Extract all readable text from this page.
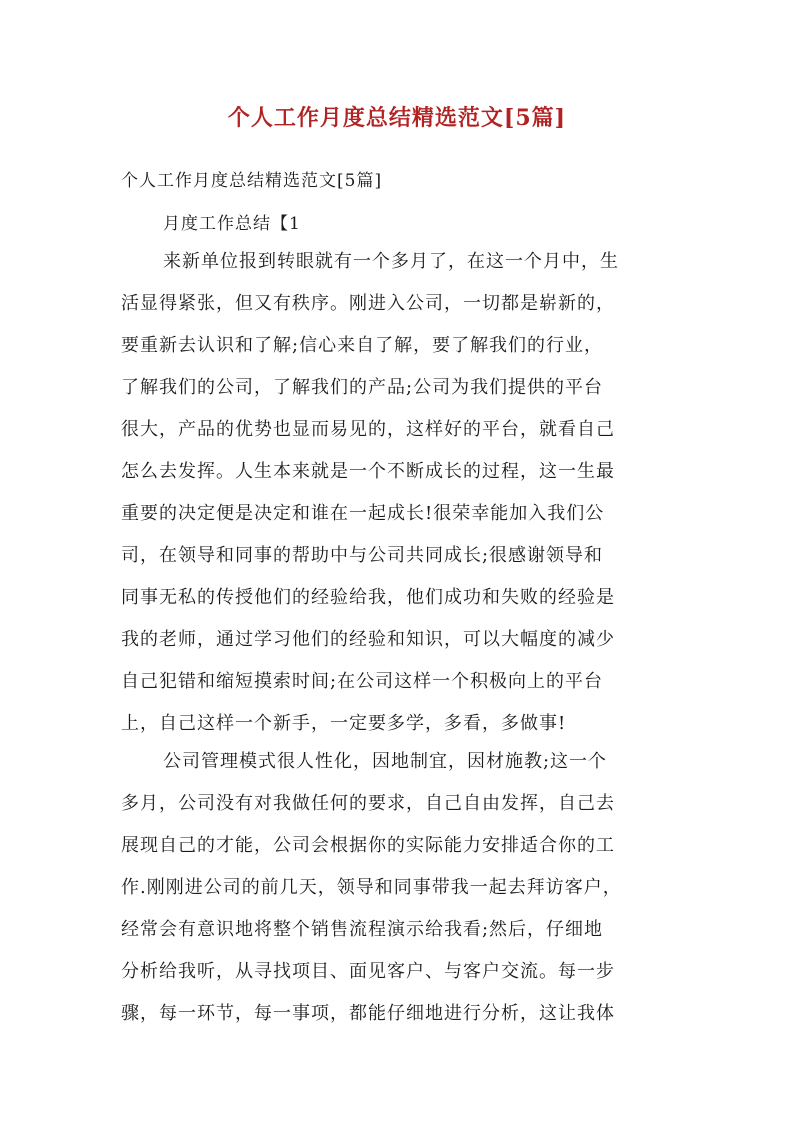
个人工作月度总结精选范文[5篇]

个人工作月度总结精选范文[5篇]

月度工作总结【1

来新单位报到转眼就有一个多月了，在这一个月中，生
活显得紧张，但又有秩序。刚进入公司，一切都是崭新的，
要重新去认识和了解;信心来自了解，要了解我们的行业，
了解我们的公司，了解我们的产品;公司为我们提供的平台
很大，产品的优势也显而易见的，这样好的平台，就看自己
怎么去发挥。人生本来就是一个不断成长的过程，这一生最
重要的决定便是决定和谁在一起成长!很荣幸能加入我们公
司，在领导和同事的帮助中与公司共同成长;很感谢领导和
同事无私的传授他们的经验给我，他们成功和失败的经验是
我的老师，通过学习他们的经验和知识，可以大幅度的减少
自己犯错和缩短摸索时间;在公司这样一个积极向上的平台
上，自己这样一个新手，一定要多学，多看，多做事!
公司管理模式很人性化，因地制宜，因材施教;这一个
多月，公司没有对我做任何的要求，自己自由发挥，自己去
展现自己的才能，公司会根据你的实际能力安排适合你的工
作.刚刚进公司的前几天，领导和同事带我一起去拜访客户，
经常会有意识地将整个销售流程演示给我看;然后，仔细地
分析给我听，从寻找项目、面见客户、与客户交流。每一步
骤，每一环节，每一事项，都能仔细地进行分析，这让我体
